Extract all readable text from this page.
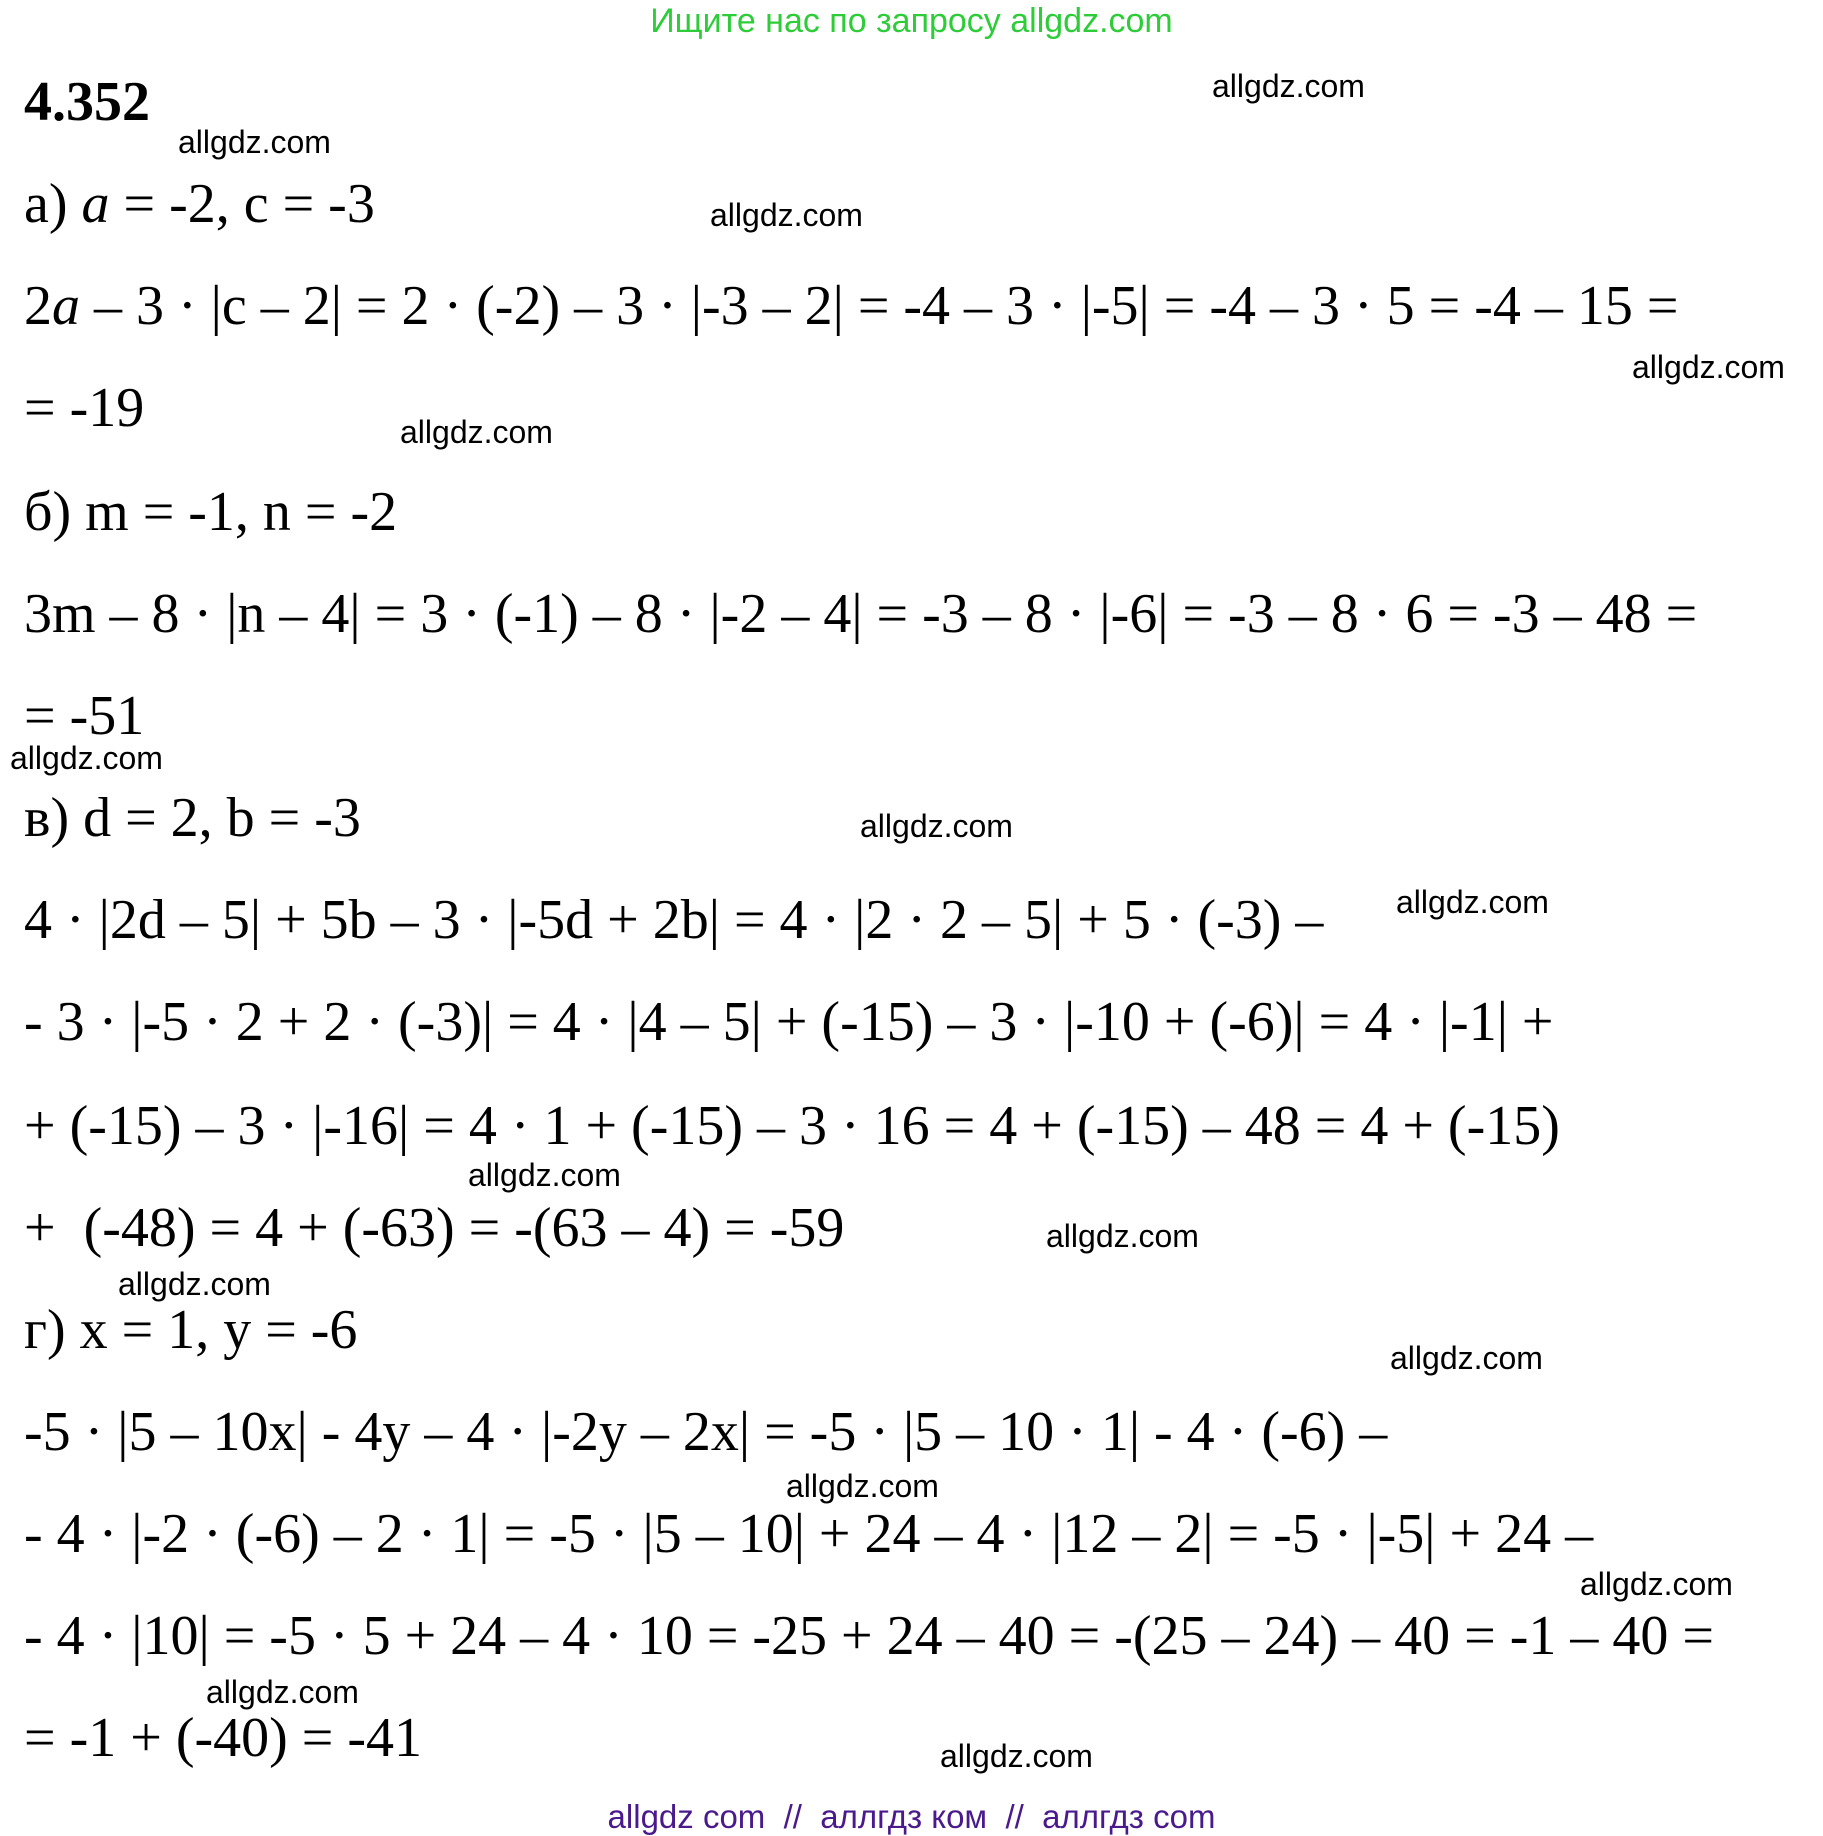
Ищите нас по запросу allgdz.com
4.352
а) a = -2, c = -3
2a – 3 · |c – 2| = 2 · (-2) – 3 · |-3 – 2| = -4 – 3 · |-5| = -4 – 3 · 5 = -4 – 15 =
= -19
б) m = -1, n = -2
3m – 8 · |n – 4| = 3 · (-1) – 8 · |-2 – 4| = -3 – 8 · |-6| = -3 – 8 · 6 = -3 – 48 =
= -51
в) d = 2, b = -3
4 · |2d – 5| + 5b – 3 · |-5d + 2b| = 4 · |2 · 2 – 5| + 5 · (-3) –
- 3 · |-5 · 2 + 2 · (-3)| = 4 · |4 – 5| + (-15) – 3 · |-10 + (-6)| = 4 · |-1| +
+ (-15) – 3 · |-16| = 4 · 1 + (-15) – 3 · 16 = 4 + (-15) – 48 = 4 + (-15)
+  (-48) = 4 + (-63) = -(63 – 4) = -59
г) x = 1, y = -6
-5 · |5 – 10x| - 4y – 4 · |-2y – 2x| = -5 · |5 – 10 · 1| - 4 · (-6) –
- 4 · |-2 · (-6) – 2 · 1| = -5 · |5 – 10| + 24 – 4 · |12 – 2| = -5 · |-5| + 24 –
- 4 · |10| = -5 · 5 + 24 – 4 · 10 = -25 + 24 – 40 = -(25 – 24) – 40 = -1 – 40 =
= -1 + (-40) = -41
allgdz.com
allgdz.com
allgdz.com
allgdz.com
allgdz.com
allgdz.com
allgdz.com
allgdz.com
allgdz.com
allgdz.com
allgdz.com
allgdz.com
allgdz.com
allgdz.com
allgdz.com
allgdz.com
allgdz com  //  аллгдз ком  //  аллгдз com
